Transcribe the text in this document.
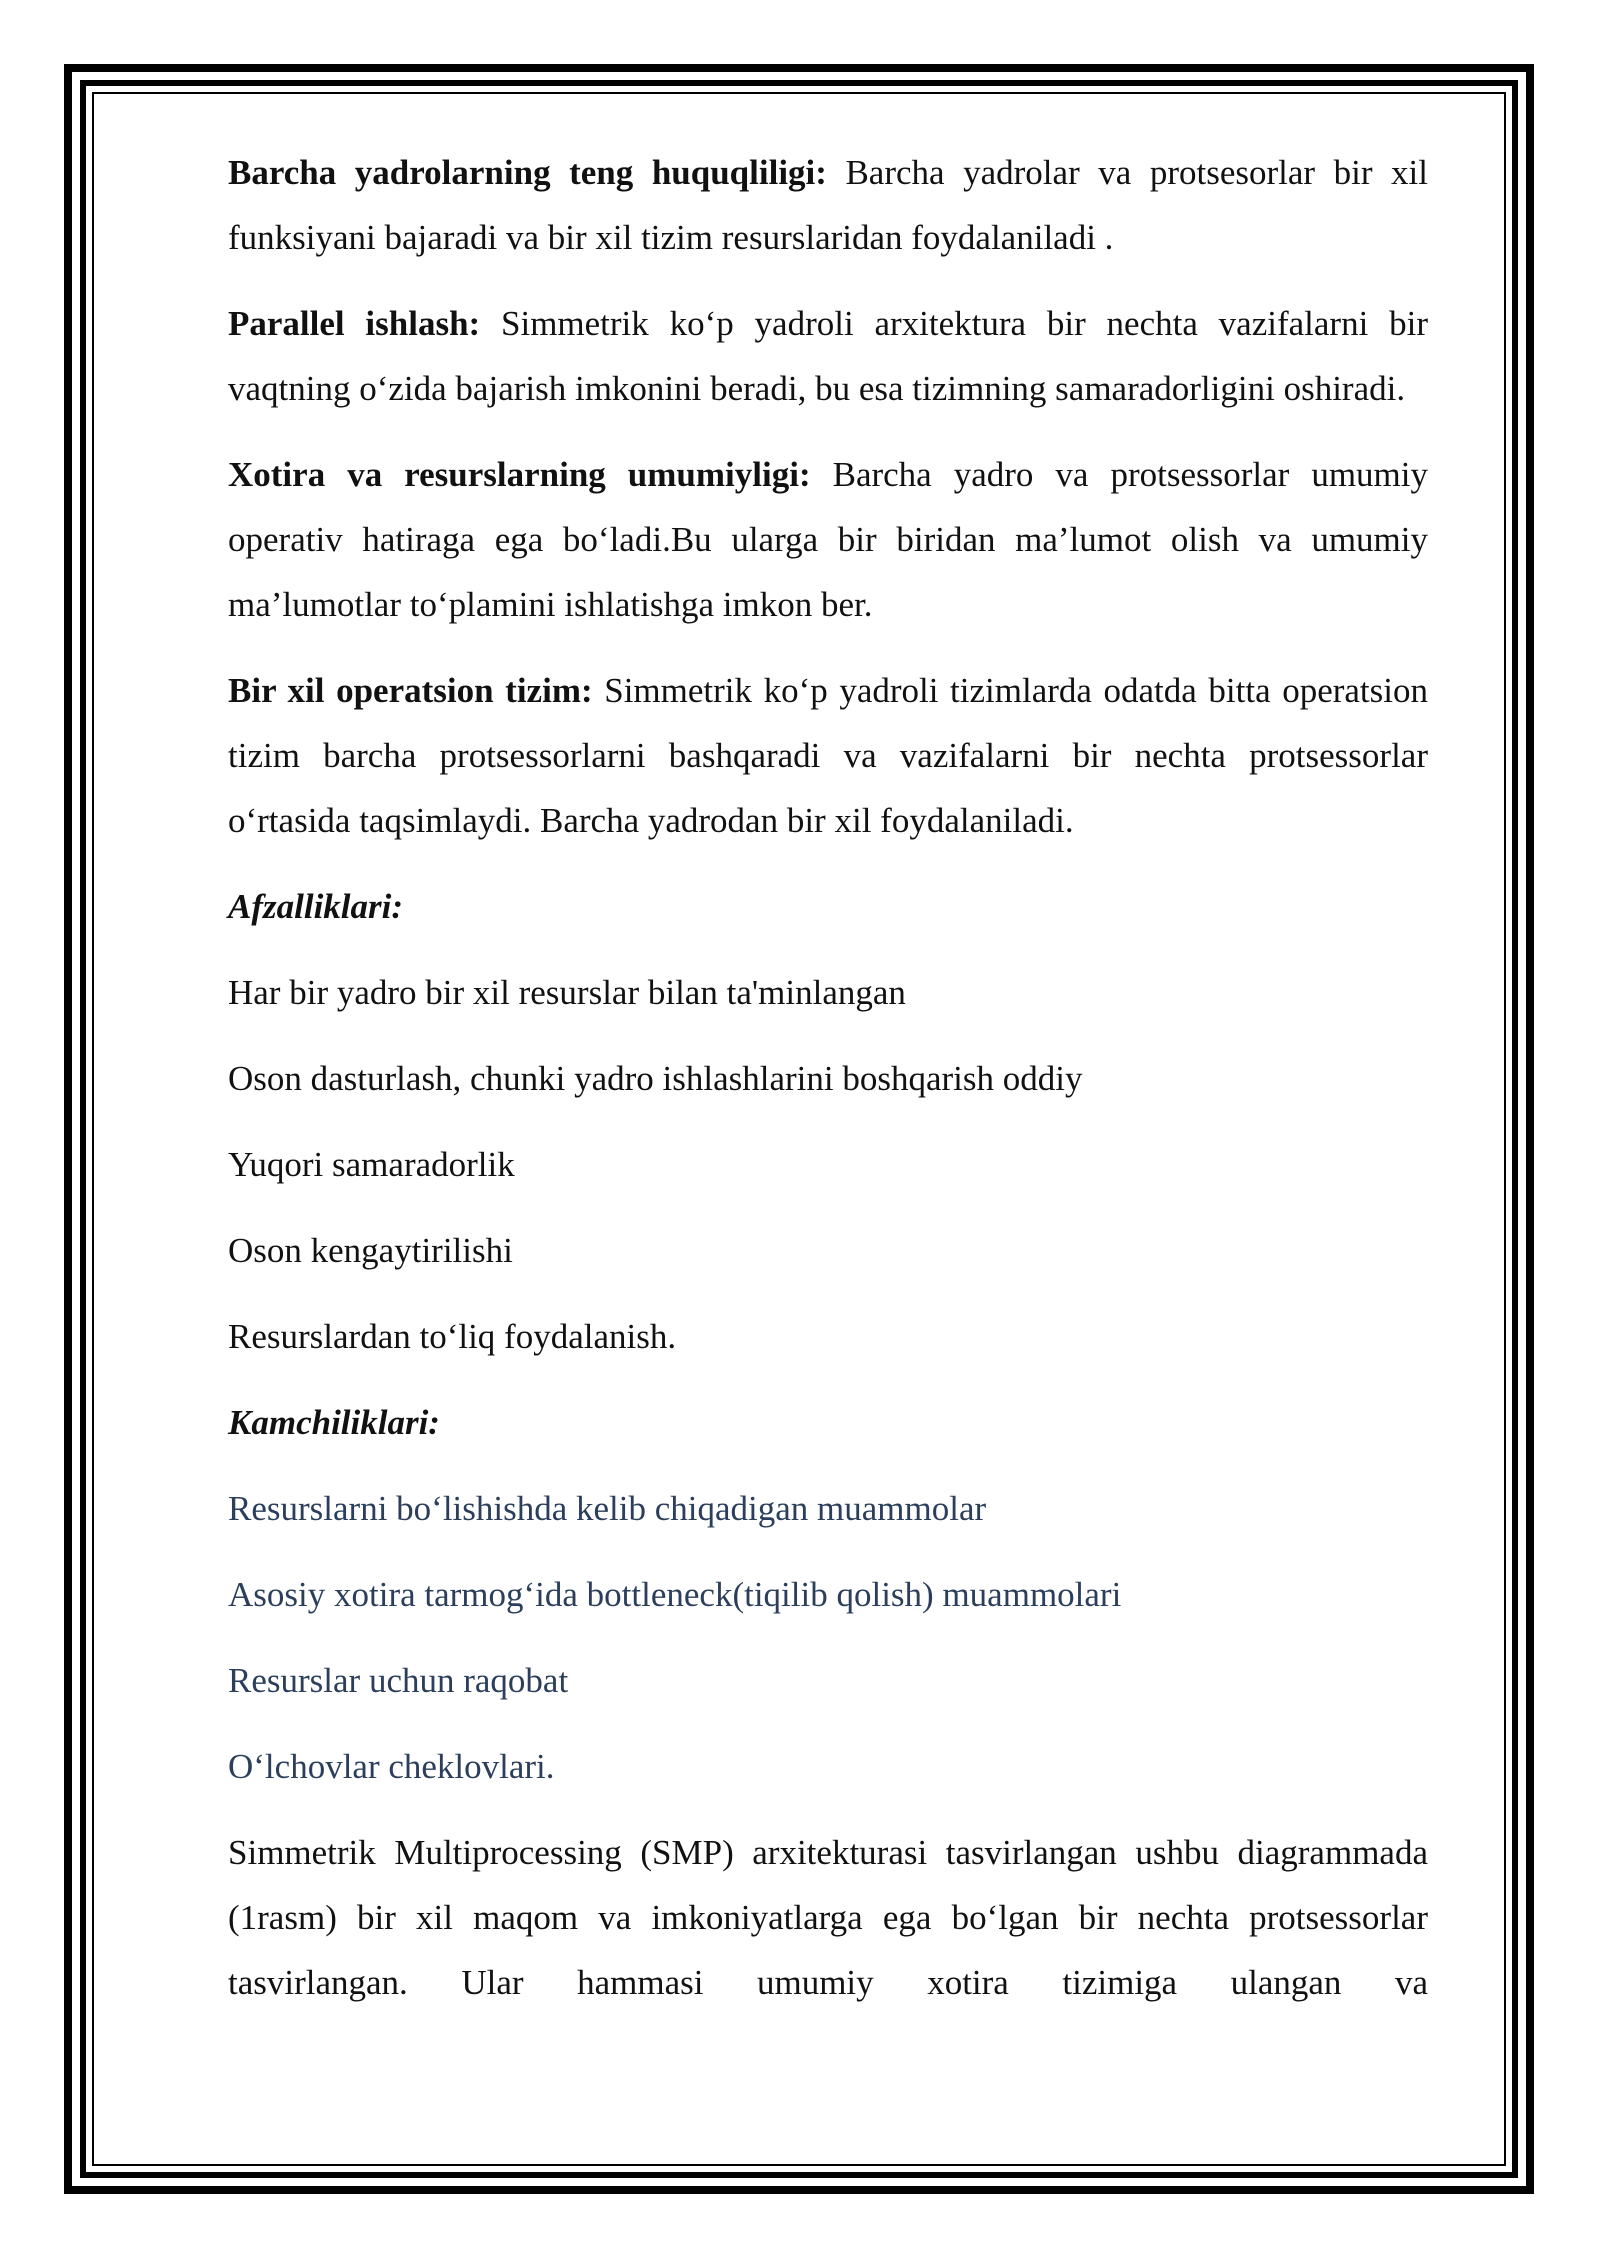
Barcha yadrolarning teng huquqliligi: Barcha yadrolar va protsesorlar bir xil funksiyani bajaradi va bir xil tizim resurslaridan foydalaniladi .

Parallel ishlash: Simmetrik ko‘p yadroli arxitektura bir nechta vazifalarni bir vaqtning o‘zida bajarish imkonini beradi, bu esa tizimning samaradorligini oshiradi.

Xotira va resurslarning umumiyligi: Barcha yadro va protsessorlar umumiy operativ hatiraga ega bo‘ladi.Bu ularga bir biridan ma’lumot olish va umumiy ma’lumotlar to‘plamini ishlatishga imkon ber.

Bir xil operatsion tizim: Simmetrik ko‘p yadroli tizimlarda odatda bitta operatsion tizim barcha protsessorlarni bashqaradi va vazifalarni bir nechta protsessorlar o‘rtasida taqsimlaydi. Barcha yadrodan bir xil foydalaniladi.

Afzalliklari:

Har bir yadro bir xil resurslar bilan ta'minlangan

Oson dasturlash, chunki yadro ishlashlarini boshqarish oddiy

Yuqori samaradorlik

Oson kengaytirilishi

Resurslardan to‘liq foydalanish.

Kamchiliklari:

Resurslarni bo‘lishishda kelib chiqadigan muammolar

Asosiy xotira tarmog‘ida bottleneck(tiqilib qolish) muammolari

Resurslar uchun raqobat

O‘lchovlar cheklovlari.

Simmetrik Multiprocessing (SMP) arxitekturasi tasvirlangan ushbu diagrammada (1rasm) bir xil maqom va imkoniyatlarga ega bo‘lgan bir nechta protsessorlar tasvirlangan. Ular hammasi umumiy xotira tizimiga ulangan va
